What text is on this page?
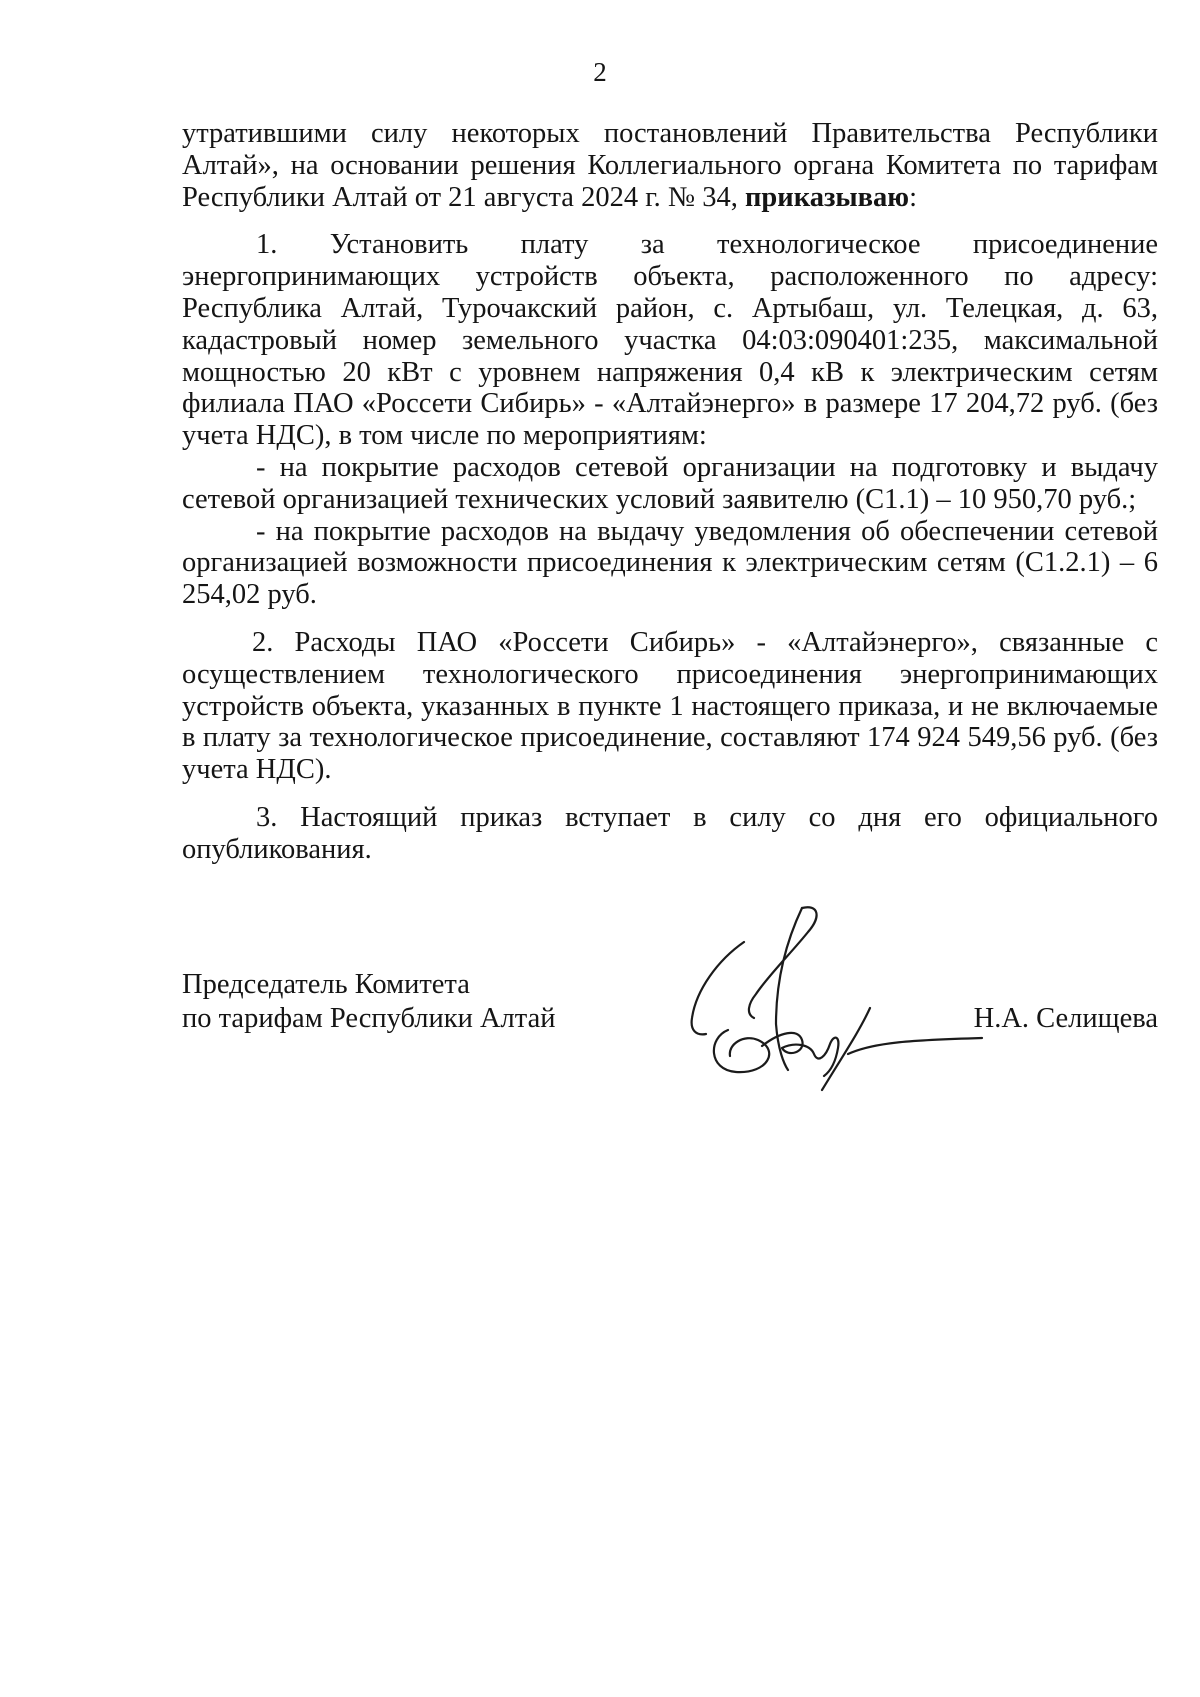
2

утратившими силу некоторых постановлений Правительства Республики Алтай», на основании решения Коллегиального органа Комитета по тарифам Республики Алтай от 21 августа 2024 г. № 34, приказываю:

1. Установить плату за технологическое присоединение энергопринимающих устройств объекта, расположенного по адресу: Республика Алтай, Турочакский район, с. Артыбаш, ул. Телецкая, д. 63, кадастровый номер земельного участка 04:03:090401:235, максимальной мощностью 20 кВт с уровнем напряжения 0,4 кВ к электрическим сетям филиала ПАО «Россети Сибирь» - «Алтайэнерго» в размере 17 204,72 руб. (без учета НДС), в том числе по мероприятиям:

- на покрытие расходов сетевой организации на подготовку и выдачу сетевой организацией технических условий заявителю (С1.1) – 10 950,70 руб.;

- на покрытие расходов на выдачу уведомления об обеспечении сетевой организацией возможности присоединения к электрическим сетям (С1.2.1) – 6 254,02 руб.

2. Расходы ПАО «Россети Сибирь» - «Алтайэнерго», связанные с осуществлением технологического присоединения энергопринимающих устройств объекта, указанных в пункте 1 настоящего приказа, и не включаемые в плату за технологическое присоединение, составляют 174 924 549,56 руб. (без учета НДС).

3. Настоящий приказ вступает в силу со дня его официального опубликования.

Председатель Комитета
по тарифам Республики Алтай	Н.А. Селищева
